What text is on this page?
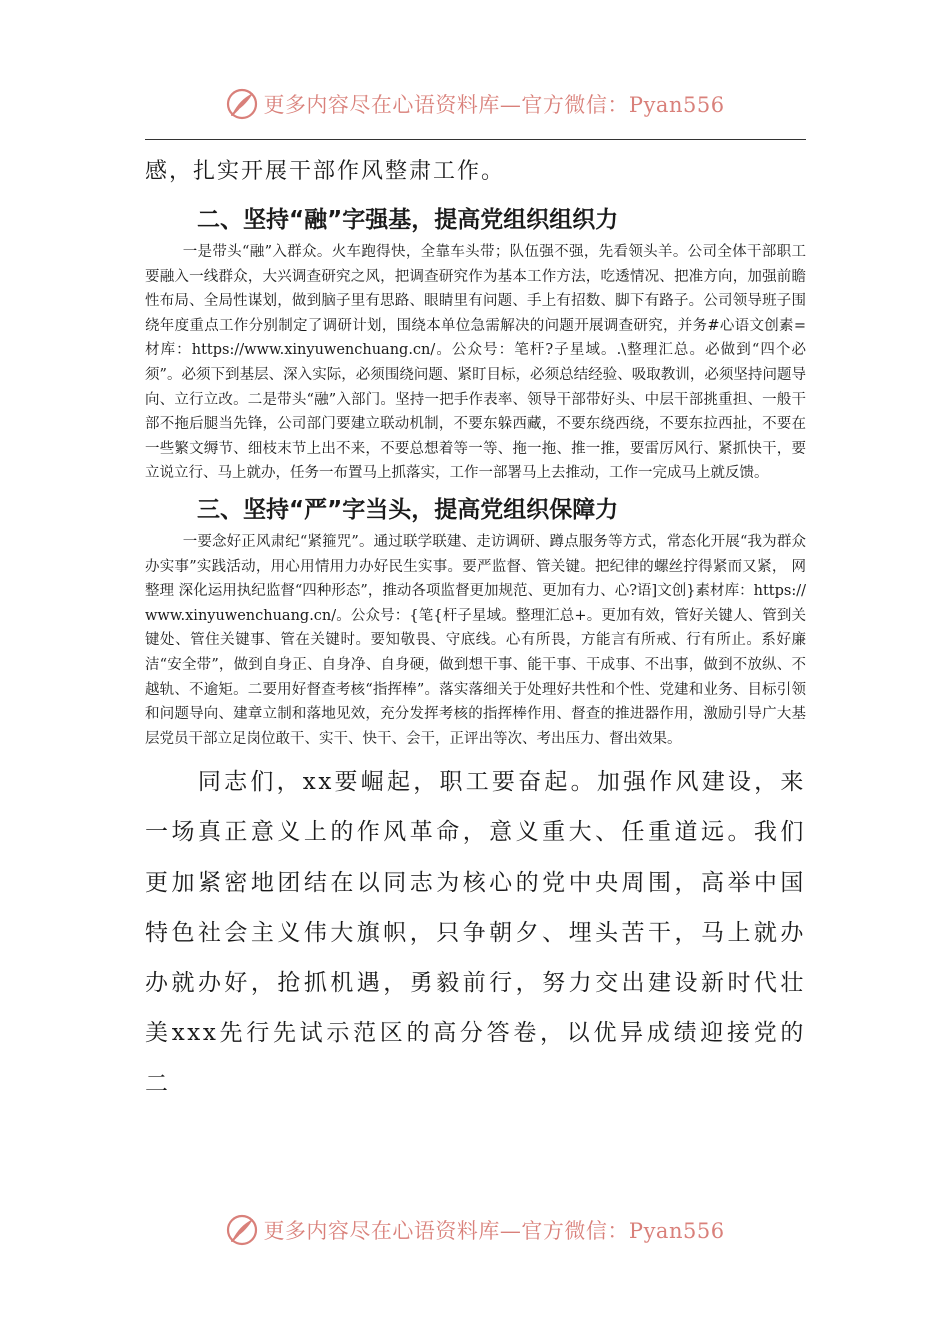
更多内容尽在心语资料库—官方微信：Pyan556

感，扎实开展干部作风整肃工作。

二、坚持“融”字强基，提高党组织组织力

一是带头“融”入群众。火车跑得快，全靠车头带；队伍强不强，先看领头羊。公司全体干部职工要融入一线群众，大兴调查研究之风，把调查研究作为基本工作方法，吃透情况、把准方向，加强前瞻性布局、全局性谋划，做到脑子里有思路、眼睛里有问题、手上有招数、脚下有路子。公司领导班子围绕年度重点工作分别制定了调研计划，围绕本单位急需解决的问题开展调查研究，并务#心语文创素=材库：https://www.xinyuwenchuang.cn/。公众号：笔杆?子星域。.\整理汇总。必做到“四个必须”。必须下到基层、深入实际，必须围绕问题、紧盯目标，必须总结经验、吸取教训，必须坚持问题导向、立行立改。二是带头“融”入部门。坚持一把手作表率、领导干部带好头、中层干部挑重担、一般干部不拖后腿当先锋，公司部门要建立联动机制，不要东躲西藏，不要东绕西绕，不要东拉西扯，不要在一些繁文缛节、细枝末节上出不来，不要总想着等一等、拖一拖、推一推，要雷厉风行、紧抓快干，要立说立行、马上就办，任务一布置马上抓落实，工作一部署马上去推动，工作一完成马上就反馈。

三、坚持“严”字当头，提高党组织保障力

一要念好正风肃纪“紧箍咒”。通过联学联建、走访调研、蹲点服务等方式，常态化开展“我为群众办实事”实践活动，用心用情用力办好民生实事。要严监督、管关键。把纪律的螺丝拧得紧而又紧， 网整理 深化运用执纪监督“四种形态”，推动各项监督更加规范、更加有力、心?语]文创}素材库：https://www.xinyuwenchuang.cn/。公众号：{笔{杆子星域。整理汇总+。更加有效，管好关键人、管到关键处、管住关键事、管在关键时。要知敬畏、守底线。心有所畏，方能言有所戒、行有所止。系好廉洁“安全带”，做到自身正、自身净、自身硬，做到想干事、能干事、干成事、不出事，做到不放纵、不越轨、不逾矩。二要用好督查考核“指挥棒”。落实落细关于处理好共性和个性、党建和业务、目标引领和问题导向、建章立制和落地见效，充分发挥考核的指挥棒作用、督查的推进器作用，激励引导广大基层党员干部立足岗位敢干、实干、快干、会干，正评出等次、考出压力、督出效果。

同志们，xx要崛起，职工要奋起。加强作风建设，来一场真正意义上的作风革命，意义重大、任重道远。我们更加紧密地团结在以同志为核心的党中央周围，高举中国特色社会主义伟大旗帜，只争朝夕、埋头苦干，马上就办办就办好，抢抓机遇，勇毅前行，努力交出建设新时代壮美xxx先行先试示范区的高分答卷，以优异成绩迎接党的二

更多内容尽在心语资料库—官方微信：Pyan556
